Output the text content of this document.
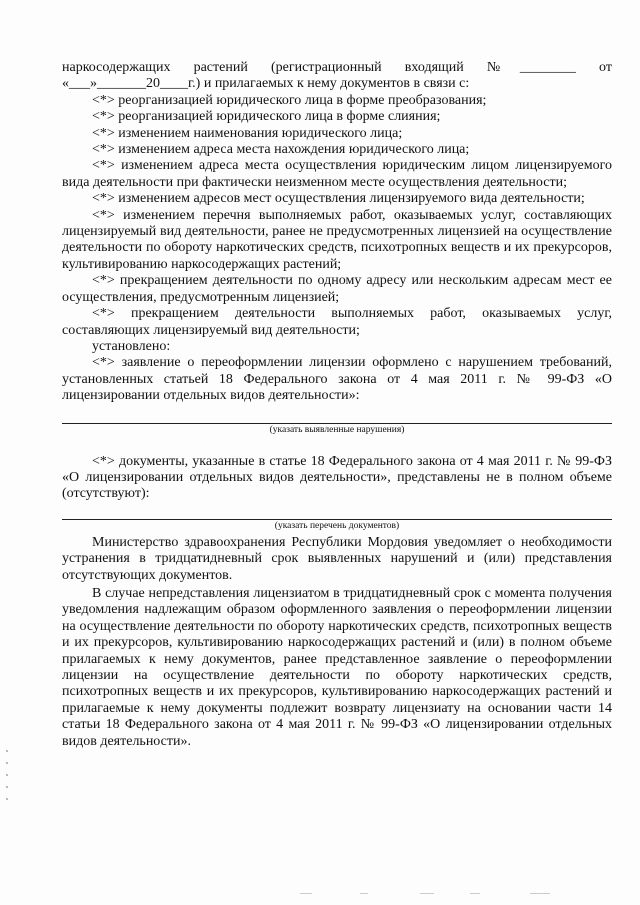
наркосодержащих растений (регистрационный входящий №________ от «___»_______20____г.) и прилагаемых к нему документов в связи с:

<*> реорганизацией юридического лица в форме преобразования;

<*> реорганизацией юридического лица в форме слияния;

<*> изменением наименования юридического лица;

<*> изменением адреса места нахождения юридического лица;

<*> изменением адреса места осуществления юридическим лицом лицензируемого вида деятельности при фактически неизменном месте осуществления деятельности;

<*> изменением адресов мест осуществления лицензируемого вида деятельности;

<*> изменением перечня выполняемых работ, оказываемых услуг, составляющих лицензируемый вид деятельности, ранее не предусмотренных лицензией на осуществление деятельности по обороту наркотических средств, психотропных веществ и их прекурсоров, культивированию наркосодержащих растений;

<*> прекращением деятельности по одному адресу или нескольким адресам мест ее осуществления, предусмотренным лицензией;

<*> прекращением деятельности выполняемых работ, оказываемых услуг, составляющих лицензируемый вид деятельности;

установлено:

<*> заявление о переоформлении лицензии оформлено с нарушением требований, установленных статьей 18 Федерального закона от 4 мая 2011 г. № 99-ФЗ «О лицензировании отдельных видов деятельности»:

(указать выявленные нарушения)

<*> документы, указанные в статье 18 Федерального закона от 4 мая 2011 г. № 99-ФЗ «О лицензировании отдельных видов деятельности», представлены не в полном объеме (отсутствуют):

(указать перечень документов)

Министерство здравоохранения Республики Мордовия уведомляет о необходимости устранения в тридцатидневный срок выявленных нарушений и (или) представления отсутствующих документов.

В случае непредставления лицензиатом в тридцатидневный срок с момента получения уведомления надлежащим образом оформленного заявления о переоформлении лицензии на осуществление деятельности по обороту наркотических средств, психотропных веществ и их прекурсоров, культивированию наркосодержащих растений и (или) в полном объеме прилагаемых к нему документов, ранее представленное заявление о переоформлении лицензии на осуществление деятельности по обороту наркотических средств, психотропных веществ и их прекурсоров, культивированию наркосодержащих растений и прилагаемые к нему документы подлежит возврату лицензиату на основании части 14 статьи 18 Федерального закона от 4 мая 2011 г. № 99-ФЗ «О лицензировании отдельных видов деятельности».
